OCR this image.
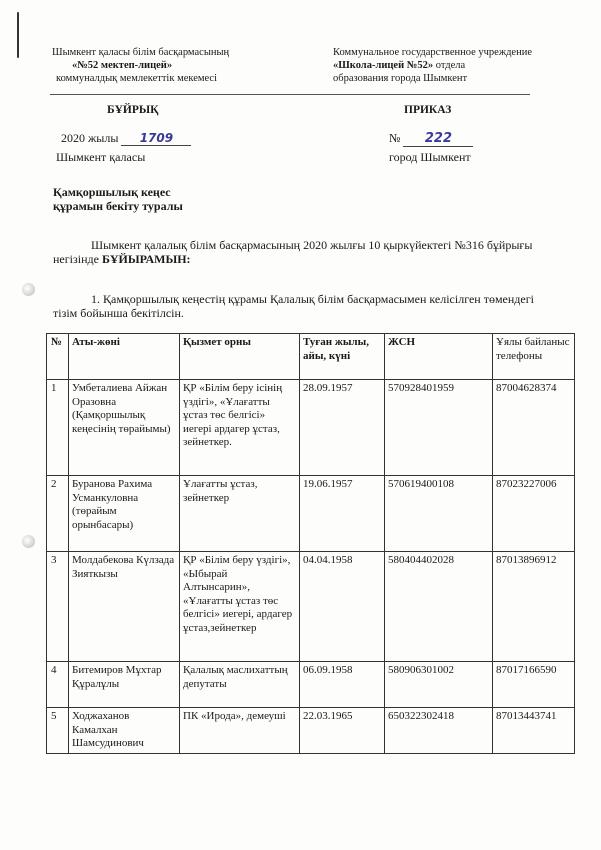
Шымкент қаласы білім басқармасының
«№52 мектеп-лицей»
коммуналдық мемлекеттік мекемесі
Коммунальное государственное учреждение
«Школа-лицей №52» отдела
образования города Шымкент
БҰЙРЫҚ	ПРИКАЗ
2020 жылы 1709	№ 222
Шымкент қаласы	город Шымкент
Қамқоршылық кеңес
құрамын бекіту туралы
Шымкент қалалық білім басқармасының 2020 жылғы 10 қыркүйектегі №316 бұйрығы негізінде БҰЙЫРАМЫН:
1. Қамқоршылық кеңестің құрамы Қалалық білім басқармасымен келісілген төмендегі тізім бойынша бекітілсін.
№	Аты-жөні	Қызмет орны	Туған жылы, айы, күні	ЖСН	Ұялы байланыс телефоны
1	Умбеталиева Айжан Оразовна (Қамқоршылық кеңесінің төрайымы)	ҚР «Білім беру ісінің үздігі», «Ұлағатты ұстаз төс белгісі» иегері ардагер ұстаз, зейнеткер.	28.09.1957	570928401959	87004628374
2	Буранова Рахима Усманкуловна (төрайым орынбасары)	Ұлағатты ұстаз, зейнеткер	19.06.1957	570619400108	87023227006
3	Молдабекова Күлзада Зияткызы	ҚР «Білім беру үздігі», «Ыбырай Алтынсарин», «Ұлағатты ұстаз төс белгісі» иегері, ардагер ұстаз,зейнеткер	04.04.1958	580404402028	87013896912
4	Битемиров Мұхтар Құралұлы	Қалалық маслихаттың депутаты	06.09.1958	580906301002	87017166590
5	Ходжаханов Камалхан Шамсудинович	ПК «Ирода», демеуші	22.03.1965	650322302418	87013443741
